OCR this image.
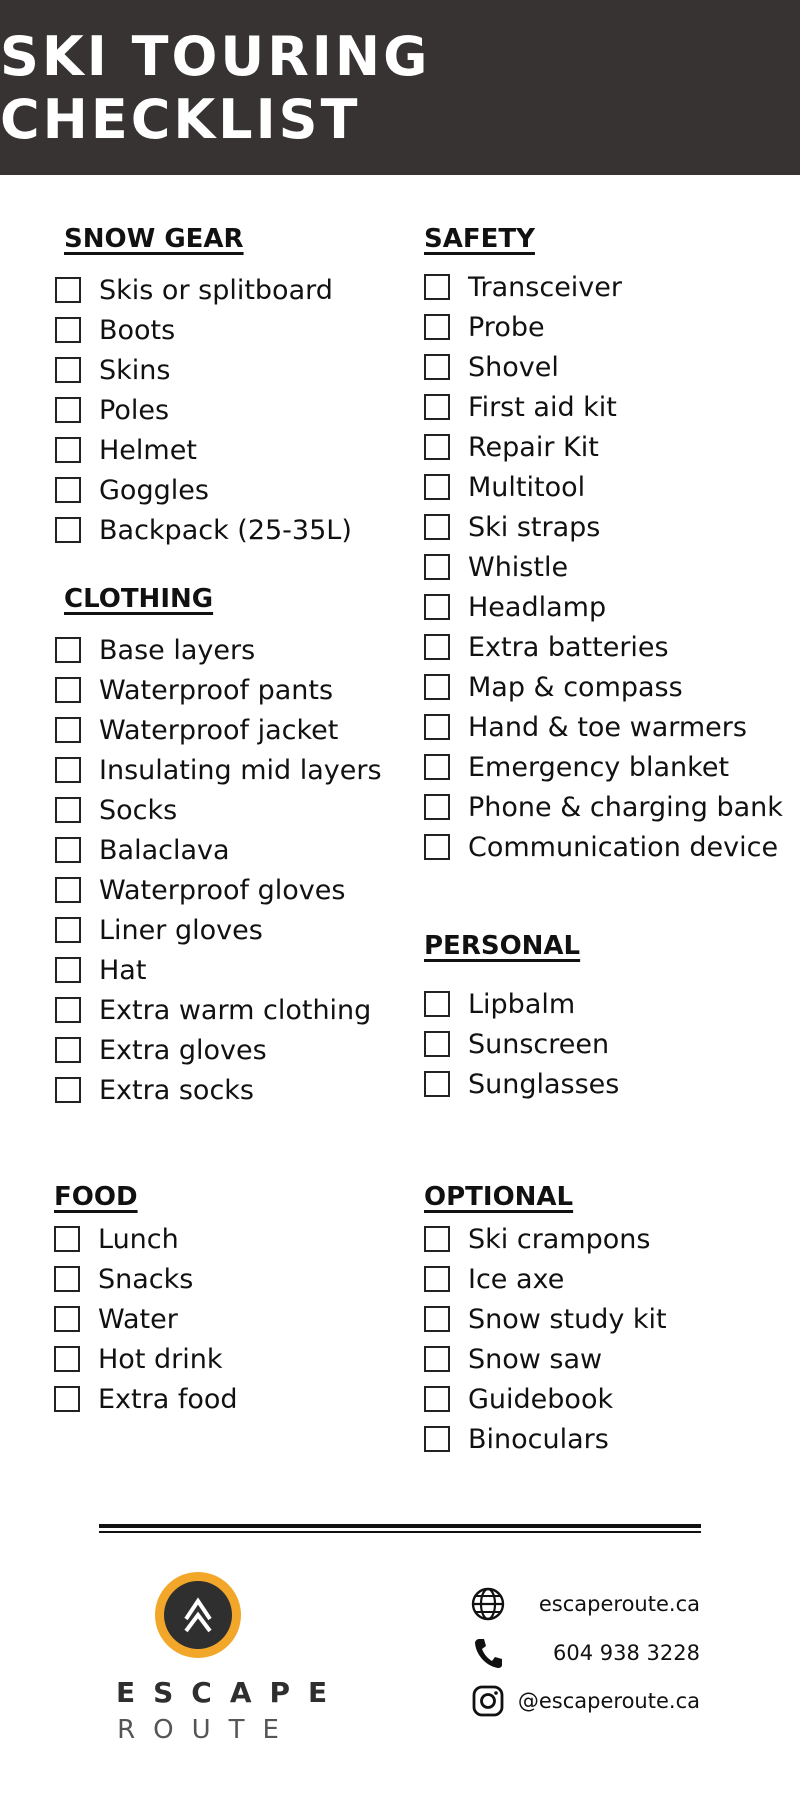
SKI TOURING CHECKLIST
SNOW GEAR
Skis or splitboard
Boots
Skins
Poles
Helmet
Goggles
Backpack (25-35L)
CLOTHING
Base layers
Waterproof pants
Waterproof jacket
Insulating mid layers
Socks
Balaclava
Waterproof gloves
Liner gloves
Hat
Extra warm clothing
Extra gloves
Extra socks
FOOD
Lunch
Snacks
Water
Hot drink
Extra food
SAFETY
Transceiver
Probe
Shovel
First aid kit
Repair Kit
Multitool
Ski straps
Whistle
Headlamp
Extra batteries
Map & compass
Hand & toe warmers
Emergency blanket
Phone & charging bank
Communication device
PERSONAL
Lipbalm
Sunscreen
Sunglasses
OPTIONAL
Ski crampons
Ice axe
Snow study kit
Snow saw
Guidebook
Binoculars
ESCAPE
ROUTE
escaperoute.ca
604 938 3228
@escaperoute.ca
